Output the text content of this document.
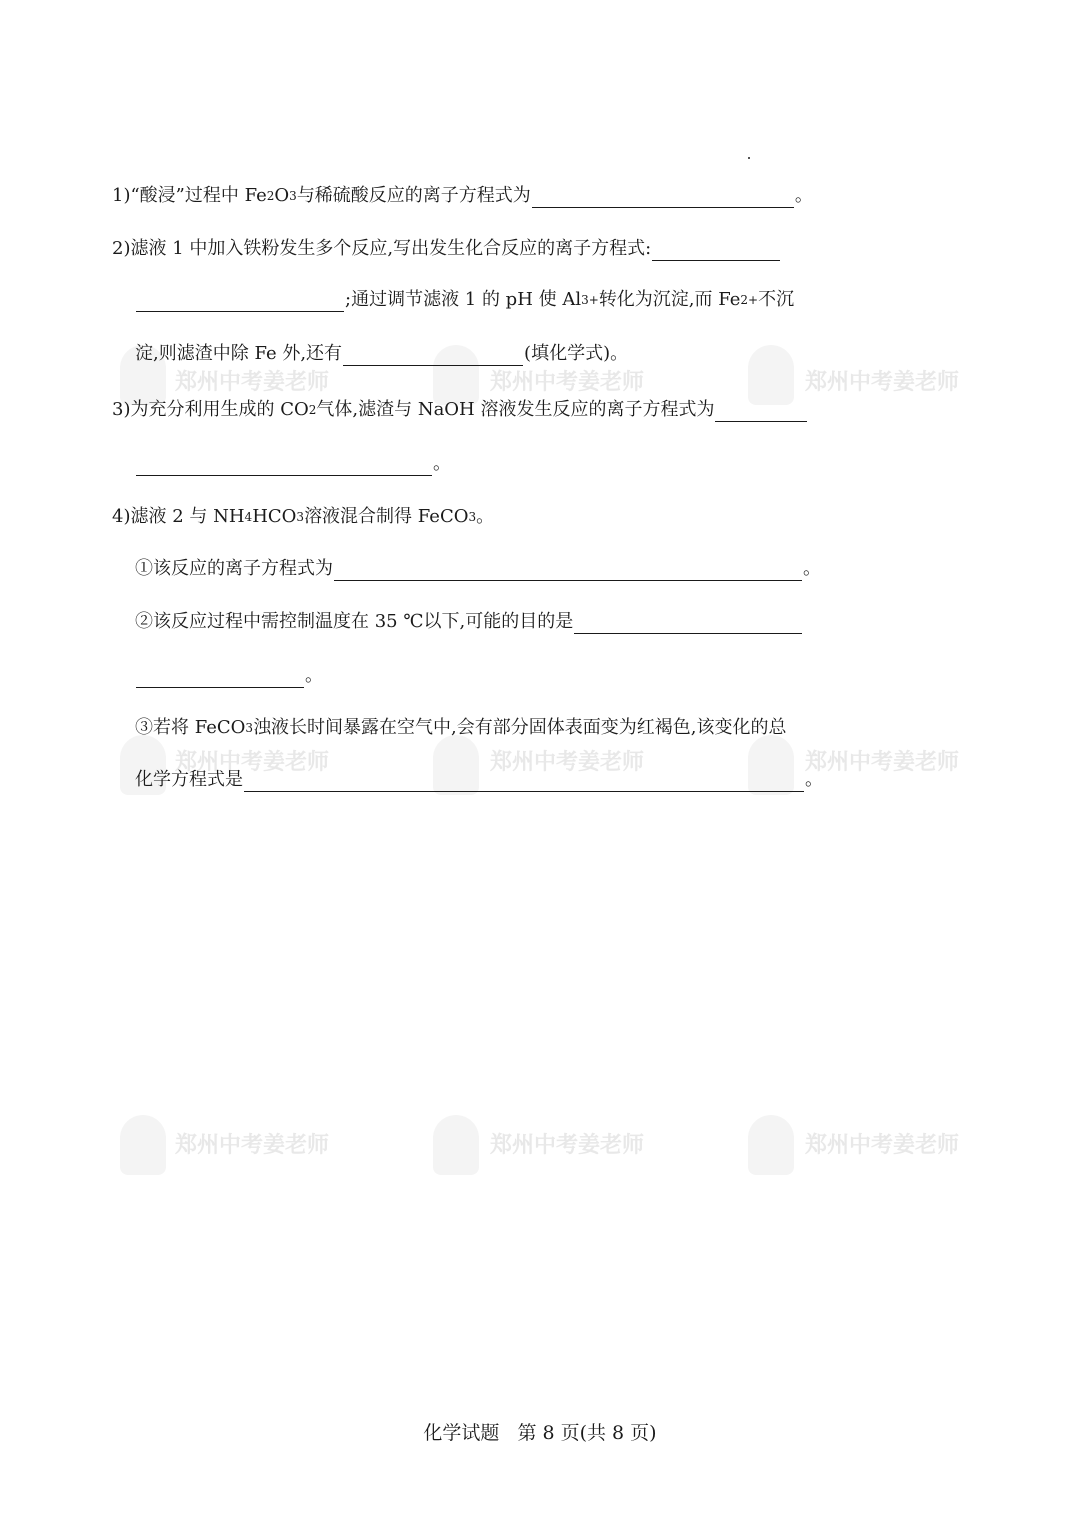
郑州中考姜老师	郑州中考姜老师	郑州中考姜老师
郑州中考姜老师	郑州中考姜老师	郑州中考姜老师
郑州中考姜老师	郑州中考姜老师	郑州中考姜老师
1)“酸浸”过程中 Fe 2 O 3 与稀硫酸反应的离子方程式为	。
2)滤液 1 中加入铁粉发生多个反应,写出发生化合反应的离子方程式:
;通过调节滤液 1 的 pH 使 Al 3+ 转化为沉淀,而 Fe 2+ 不沉
淀,则滤渣中除 Fe 外,还有	(填化学式)。
3)为充分利用生成的 CO 2 气体,滤渣与 NaOH 溶液发生反应的离子方程式为
。
4)滤液 2 与 NH 4 HCO 3 溶液混合制得 FeCO 3 。
①该反应的离子方程式为	。
②该反应过程中需控制温度在 35 ℃以下,可能的目的是
。
③若将 FeCO 3 浊液长时间暴露在空气中,会有部分固体表面变为红褐色,该变化的总
化学方程式是	。
化学试题 第 8 页(共 8 页)
